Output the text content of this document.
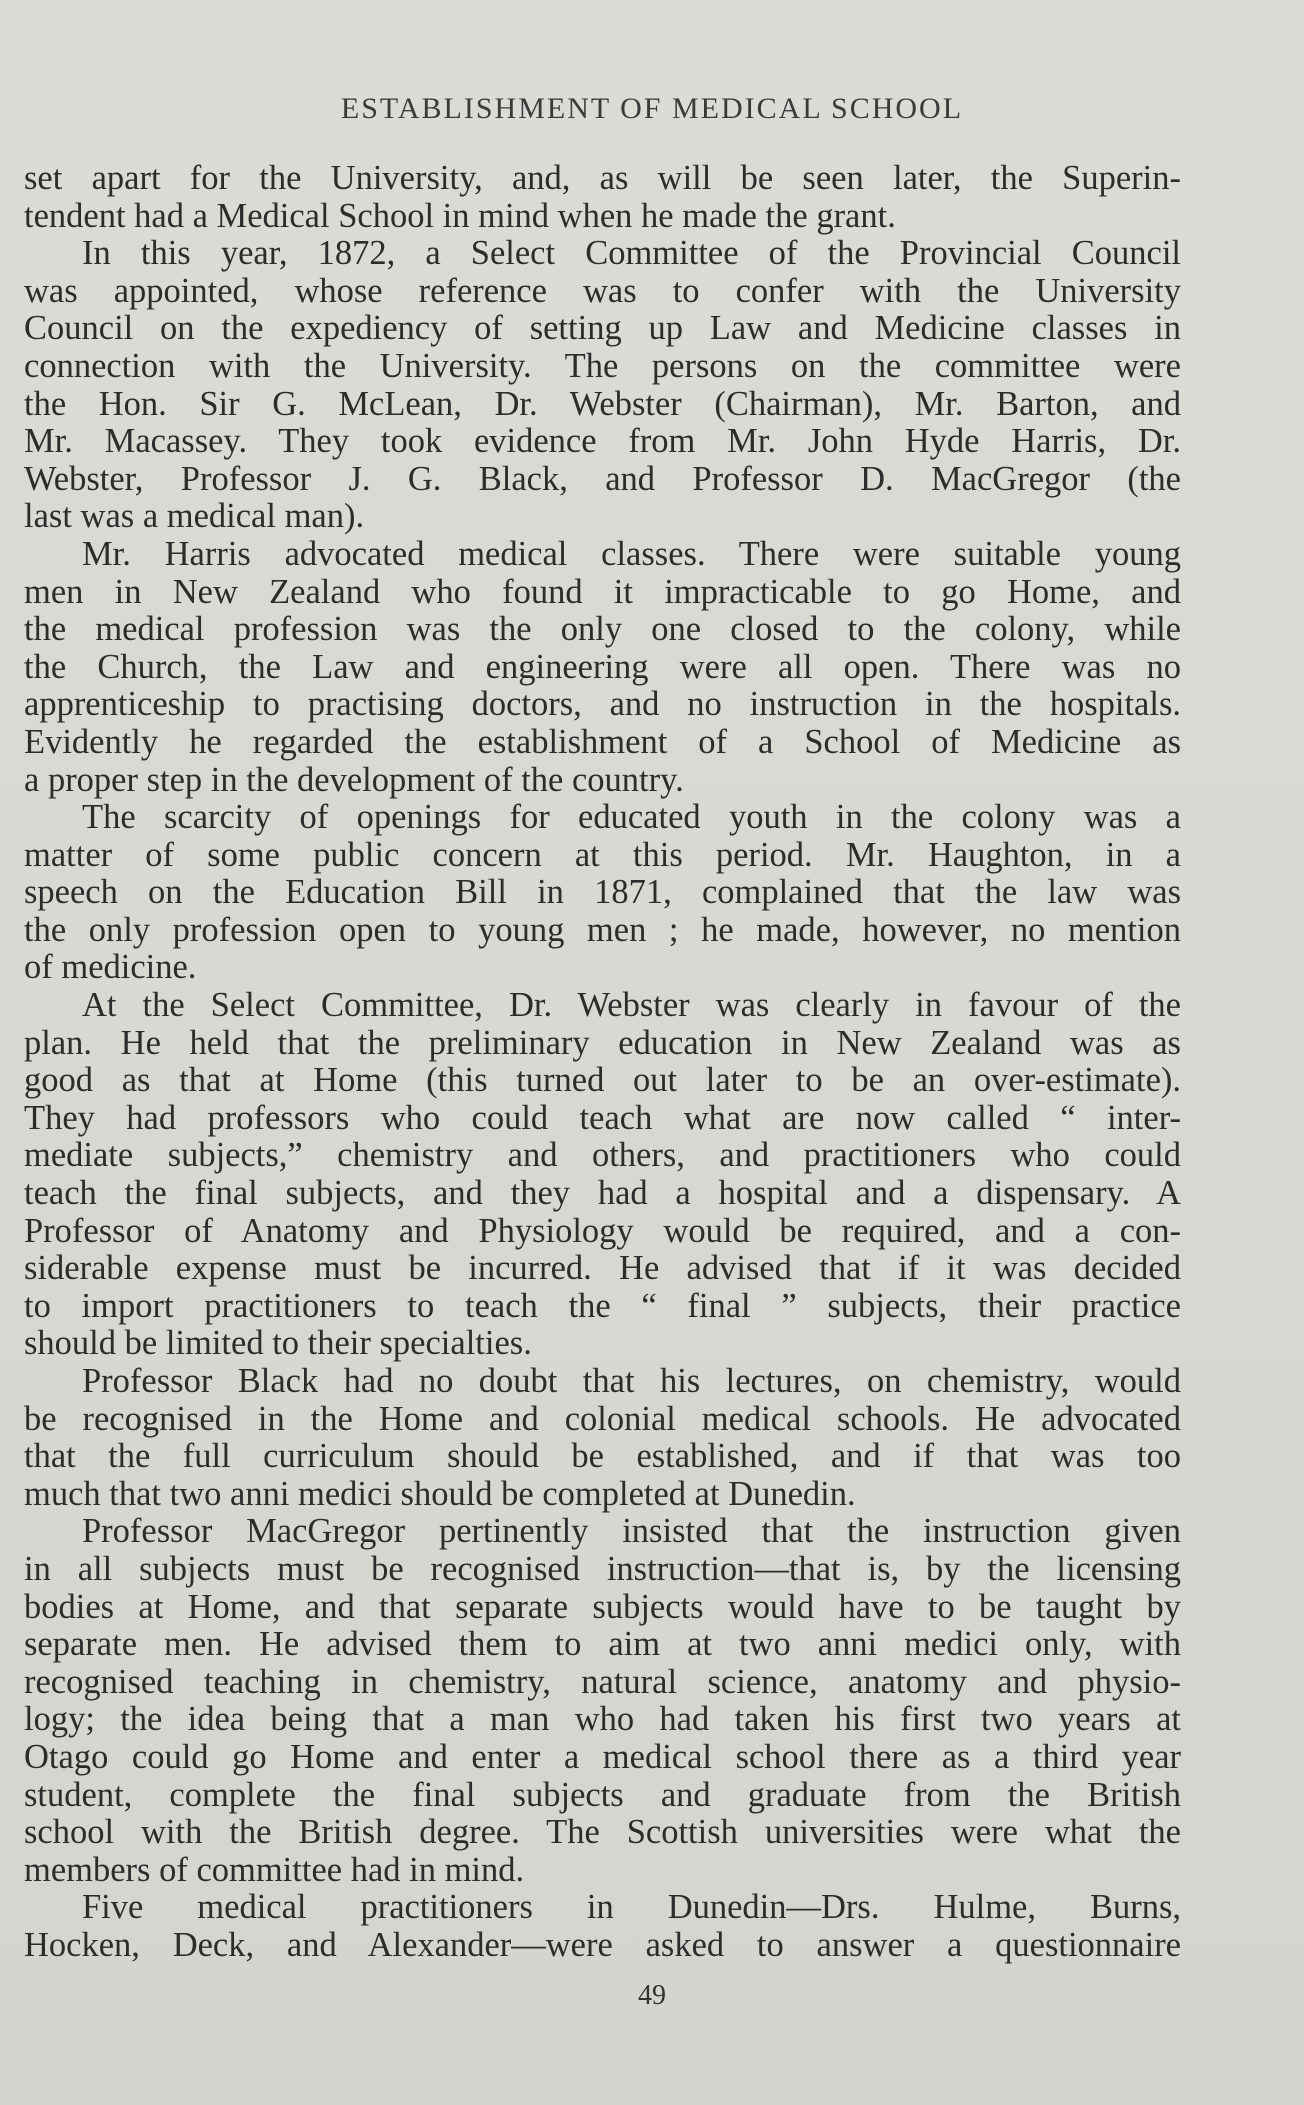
ESTABLISHMENT OF MEDICAL SCHOOL
set apart for the University, and, as will be seen later, the Superin-
tendent had a Medical School in mind when he made the grant.
In this year, 1872, a Select Committee of the Provincial Council
was appointed, whose reference was to confer with the University
Council on the expediency of setting up Law and Medicine classes in
connection with the University. The persons on the committee were
the Hon. Sir G. McLean, Dr. Webster (Chairman), Mr. Barton, and
Mr. Macassey. They took evidence from Mr. John Hyde Harris, Dr.
Webster, Professor J. G. Black, and Professor D. MacGregor (the
last was a medical man).
Mr. Harris advocated medical classes. There were suitable young
men in New Zealand who found it impracticable to go Home, and
the medical profession was the only one closed to the colony, while
the Church, the Law and engineering were all open. There was no
apprenticeship to practising doctors, and no instruction in the hospitals.
Evidently he regarded the establishment of a School of Medicine as
a proper step in the development of the country.
The scarcity of openings for educated youth in the colony was a
matter of some public concern at this period. Mr. Haughton, in a
speech on the Education Bill in 1871, complained that the law was
the only profession open to young men ; he made, however, no mention
of medicine.
At the Select Committee, Dr. Webster was clearly in favour of the
plan. He held that the preliminary education in New Zealand was as
good as that at Home (this turned out later to be an over-estimate).
They had professors who could teach what are now called “ inter-
mediate subjects,” chemistry and others, and practitioners who could
teach the final subjects, and they had a hospital and a dispensary. A
Professor of Anatomy and Physiology would be required, and a con-
siderable expense must be incurred. He advised that if it was decided
to import practitioners to teach the “ final ” subjects, their practice
should be limited to their specialties.
Professor Black had no doubt that his lectures, on chemistry, would
be recognised in the Home and colonial medical schools. He advocated
that the full curriculum should be established, and if that was too
much that two anni medici should be completed at Dunedin.
Professor MacGregor pertinently insisted that the instruction given
in all subjects must be recognised instruction—that is, by the licensing
bodies at Home, and that separate subjects would have to be taught by
separate men. He advised them to aim at two anni medici only, with
recognised teaching in chemistry, natural science, anatomy and physio-
logy; the idea being that a man who had taken his first two years at
Otago could go Home and enter a medical school there as a third year
student, complete the final subjects and graduate from the British
school with the British degree. The Scottish universities were what the
members of committee had in mind.
Five medical practitioners in Dunedin—Drs. Hulme, Burns,
Hocken, Deck, and Alexander—were asked to answer a questionnaire
49
